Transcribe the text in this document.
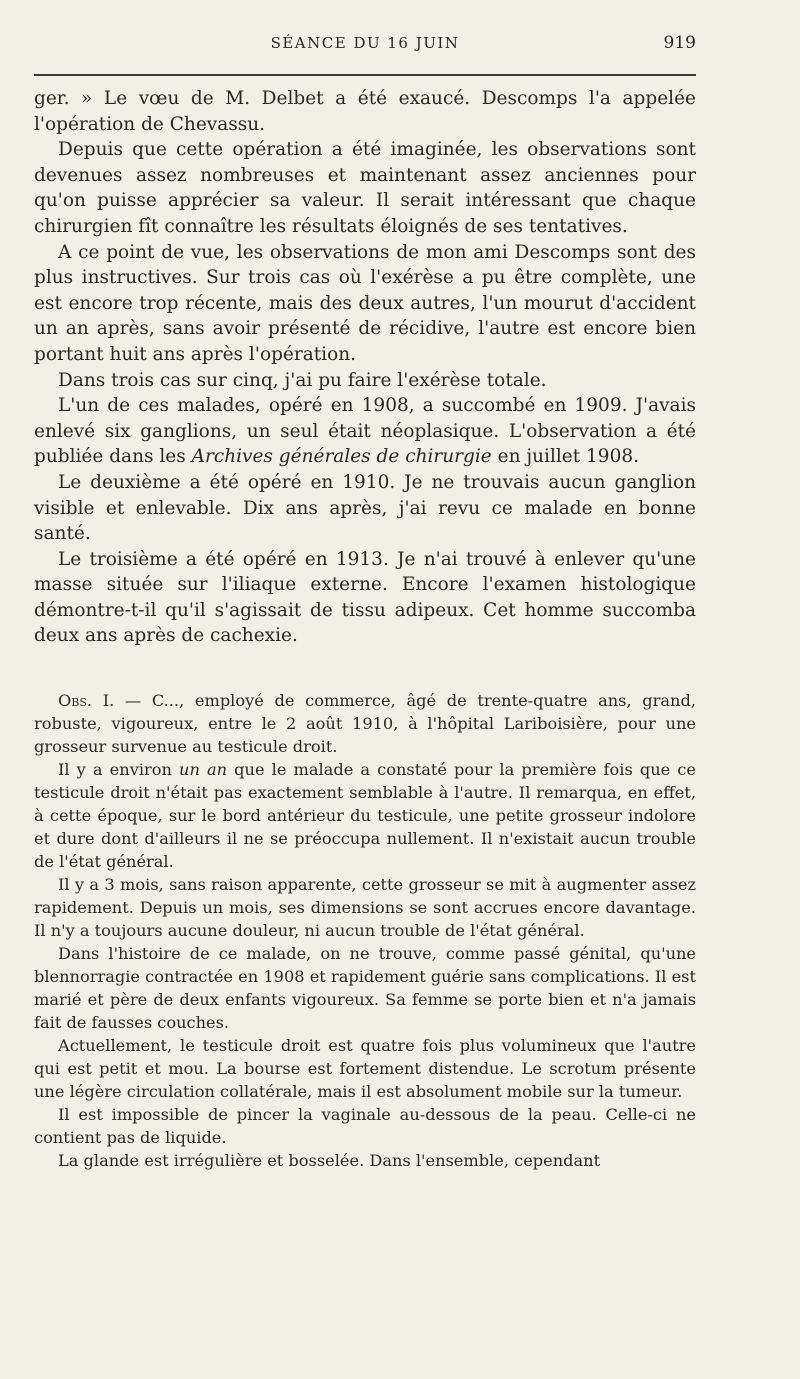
SÉANCE DU 16 JUIN	919

ger. » Le vœu de M. Delbet a été exaucé. Descomps l'a appelée l'opération de Chevassu.

Depuis que cette opération a été imaginée, les observations sont devenues assez nombreuses et maintenant assez anciennes pour qu'on puisse apprécier sa valeur. Il serait intéressant que chaque chirurgien fît connaître les résultats éloignés de ses tentatives.

A ce point de vue, les observations de mon ami Descomps sont des plus instructives. Sur trois cas où l'exérèse a pu être complète, une est encore trop récente, mais des deux autres, l'un mourut d'accident un an après, sans avoir présenté de récidive, l'autre est encore bien portant huit ans après l'opération.

Dans trois cas sur cinq, j'ai pu faire l'exérèse totale.

L'un de ces malades, opéré en 1908, a succombé en 1909. J'avais enlevé six ganglions, un seul était néoplasique. L'observation a été publiée dans les Archives générales de chirurgie en juillet 1908.

Le deuxième a été opéré en 1910. Je ne trouvais aucun ganglion visible et enlevable. Dix ans après, j'ai revu ce malade en bonne santé.

Le troisième a été opéré en 1913. Je n'ai trouvé à enlever qu'une masse située sur l'iliaque externe. Encore l'examen histologique démontre-t-il qu'il s'agissait de tissu adipeux. Cet homme succomba deux ans après de cachexie.

Obs. I. — C..., employé de commerce, âgé de trente-quatre ans, grand, robuste, vigoureux, entre le 2 août 1910, à l'hôpital Lariboisière, pour une grosseur survenue au testicule droit.

Il y a environ un an que le malade a constaté pour la première fois que ce testicule droit n'était pas exactement semblable à l'autre. Il remarqua, en effet, à cette époque, sur le bord antérieur du testicule, une petite grosseur indolore et dure dont d'ailleurs il ne se préoccupa nullement. Il n'existait aucun trouble de l'état général.

Il y a 3 mois, sans raison apparente, cette grosseur se mit à augmenter assez rapidement. Depuis un mois, ses dimensions se sont accrues encore davantage. Il n'y a toujours aucune douleur, ni aucun trouble de l'état général.

Dans l'histoire de ce malade, on ne trouve, comme passé génital, qu'une blennorragie contractée en 1908 et rapidement guérie sans complications. Il est marié et père de deux enfants vigoureux. Sa femme se porte bien et n'a jamais fait de fausses couches.

Actuellement, le testicule droit est quatre fois plus volumineux que l'autre qui est petit et mou. La bourse est fortement distendue. Le scrotum présente une légère circulation collatérale, mais il est absolument mobile sur la tumeur.

Il est impossible de pincer la vaginale au-dessous de la peau. Celle-ci ne contient pas de liquide.

La glande est irrégulière et bosselée. Dans l'ensemble, cependant
